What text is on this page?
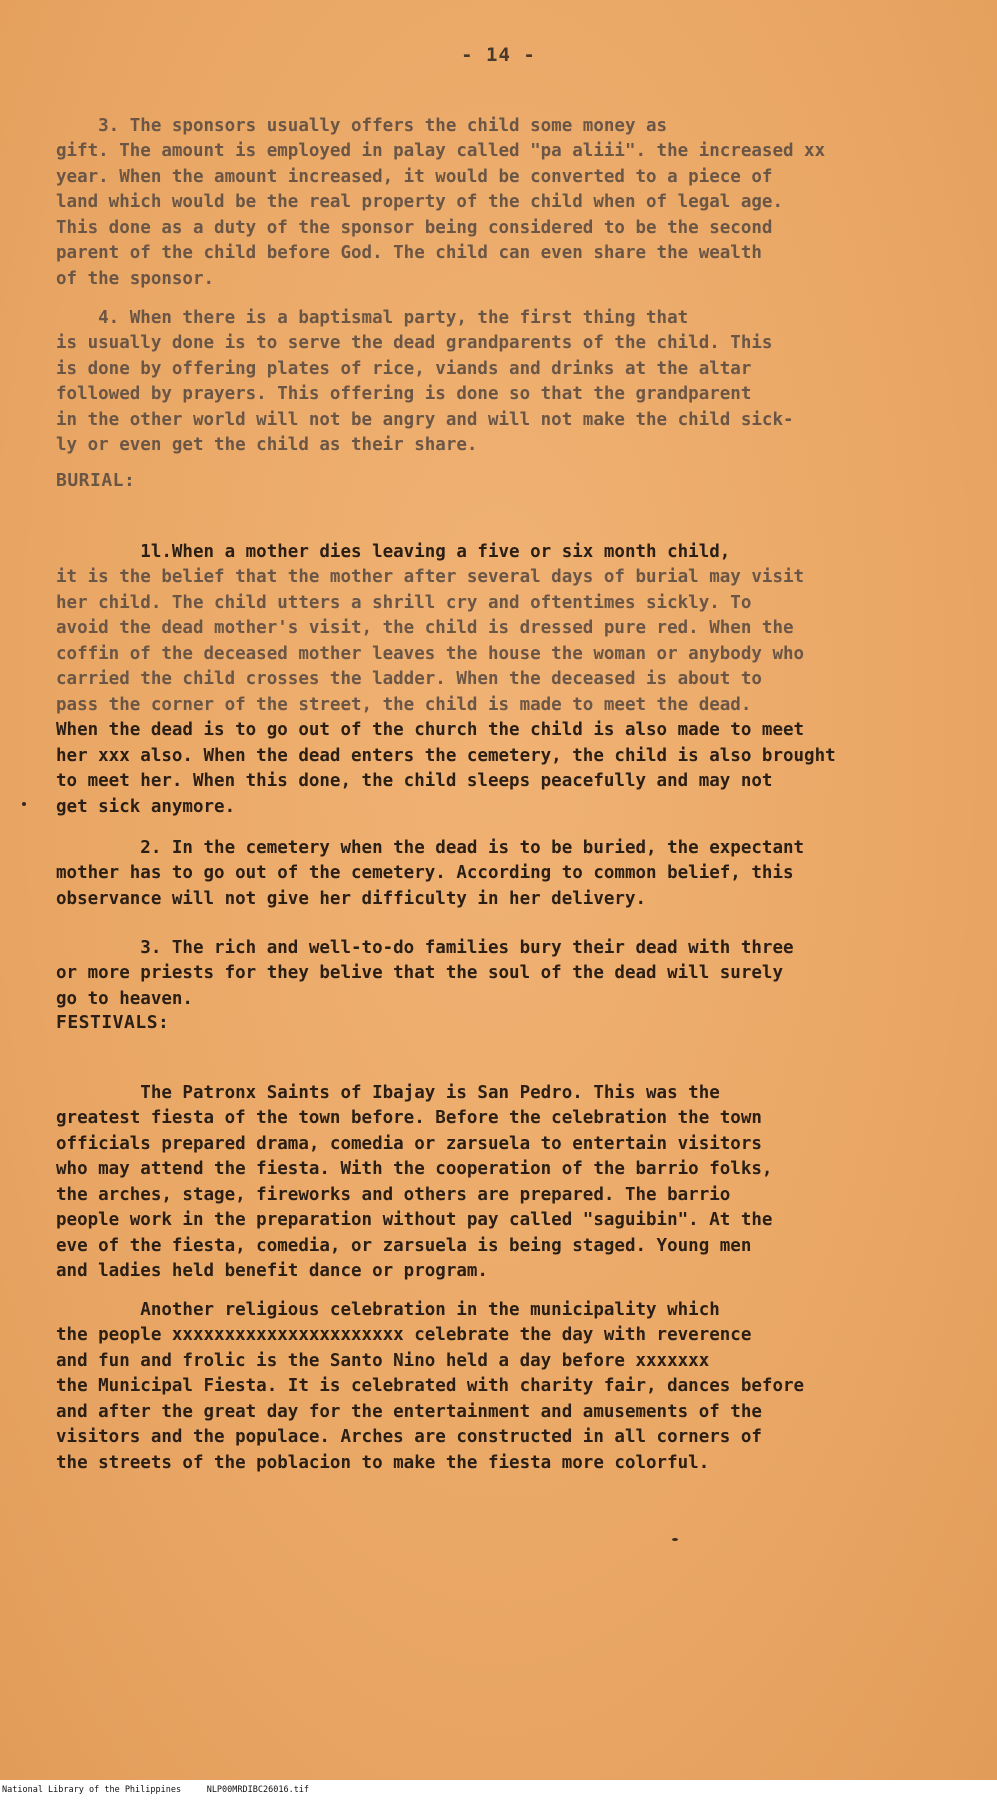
- 14 -

3. The sponsors usually offers the child some money as
gift. The amount is employed in palay called "pa aliii". the increased xx
year. When the amount increased, it would be converted to a piece of
land which would be the real property of the child when of legal age.
This done as a duty of the sponsor being considered to be the second
parent of the child before God. The child can even share the wealth
of the sponsor.

4. When there is a baptismal party, the first thing that
is usually done is to serve the dead grandparents of the child. This
is done by offering plates of rice, viands and drinks at the altar
followed by prayers. This offering is done so that the grandparent
in the other world will not be angry and will not make the child sick-
ly or even get the child as their share.

BURIAL:

1l.When a mother dies leaving a five or six month child,
it is the belief that the mother after several days of burial may visit
her child. The child utters a shrill cry and oftentimes sickly. To
avoid the dead mother's visit, the child is dressed pure red. When the
coffin of the deceased mother leaves the house the woman or anybody who
carried the child crosses the ladder. When the deceased is about to
pass the corner of the street, the child is made to meet the dead.
When the dead is to go out of the church the child is also made to meet
her xxx also. When the dead enters the cemetery, the child is also brought
to meet her. When this done, the child sleeps peacefully and may not
get sick anymore.

2. In the cemetery when the dead is to be buried, the expectant
mother has to go out of the cemetery. According to common belief, this
observance will not give her difficulty in her delivery.

3. The rich and well-to-do families bury their dead with three
or more priests for they belive that the soul of the dead will surely
go to heaven.

FESTIVALS:

The Patronx Saints of Ibajay is San Pedro. This was the
greatest fiesta of the town before. Before the celebration the town
officials prepared drama, comedia or zarsuela to entertain visitors
who may attend the fiesta. With the cooperation of the barrio folks,
the arches, stage, fireworks and others are prepared. The barrio
people work in the preparation without pay called "saguibin". At the
eve of the fiesta, comedia, or zarsuela is being staged. Young men
and ladies held benefit dance or program.

Another religious celebration in the municipality which
the people xxxxxxxxxxxxxxxxxxxxxx celebrate the day with reverence
and fun and frolic is the Santo Nino held a day before xxxxxxx
the Municipal Fiesta. It is celebrated with charity fair, dances before
and after the great day for the entertainment and amusements of the
visitors and the populace. Arches are constructed in all corners of
the streets of the poblacion to make the fiesta more colorful.

National Library of the Philippines     NLP00MRDIBC26016.tif
